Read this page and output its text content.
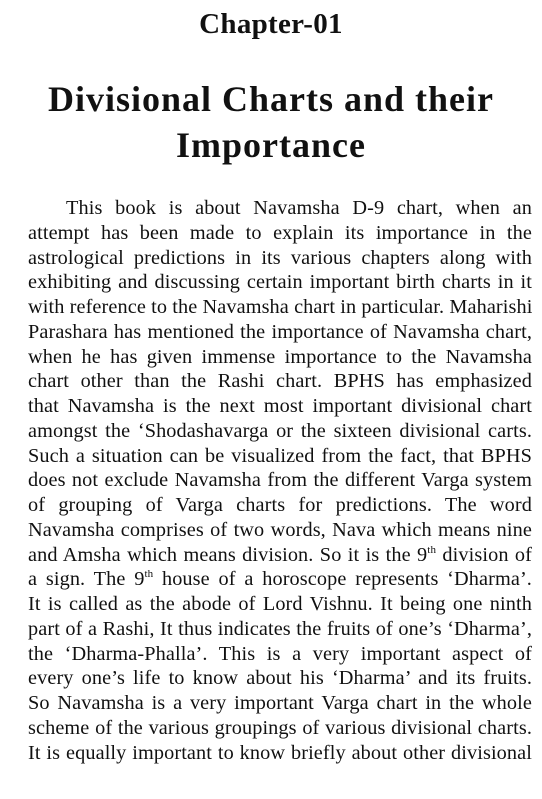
Chapter-01
Divisional Charts and their
Importance
This book is about Navamsha D-9 chart, when an
attempt has been made to explain its importance in the
astrological predictions in its various chapters along with
exhibiting and discussing certain important birth charts in it
with reference to the Navamsha chart in particular. Maharishi
Parashara has mentioned the importance of Navamsha chart,
when he has given immense importance to the Navamsha
chart other than the Rashi chart. BPHS has emphasized
that Navamsha is the next most important divisional chart
amongst the ‘Shodashavarga or the sixteen divisional carts.
Such a situation can be visualized from the fact, that BPHS
does not exclude Navamsha from the different Varga system
of grouping of Varga charts for predictions. The word
Navamsha comprises of two words, Nava which means nine
and Amsha which means division. So it is the 9th division of
a sign. The 9th house of a horoscope represents ‘Dharma’.
It is called as the abode of Lord Vishnu. It being one ninth
part of a Rashi, It thus indicates the fruits of one’s ‘Dharma’,
the ‘Dharma-Phalla’. This is a very important aspect of
every one’s life to know about his ‘Dharma’ and its fruits.
So Navamsha is a very important Varga chart in the whole
scheme of the various groupings of various divisional charts.
It is equally important to know briefly about other divisional
